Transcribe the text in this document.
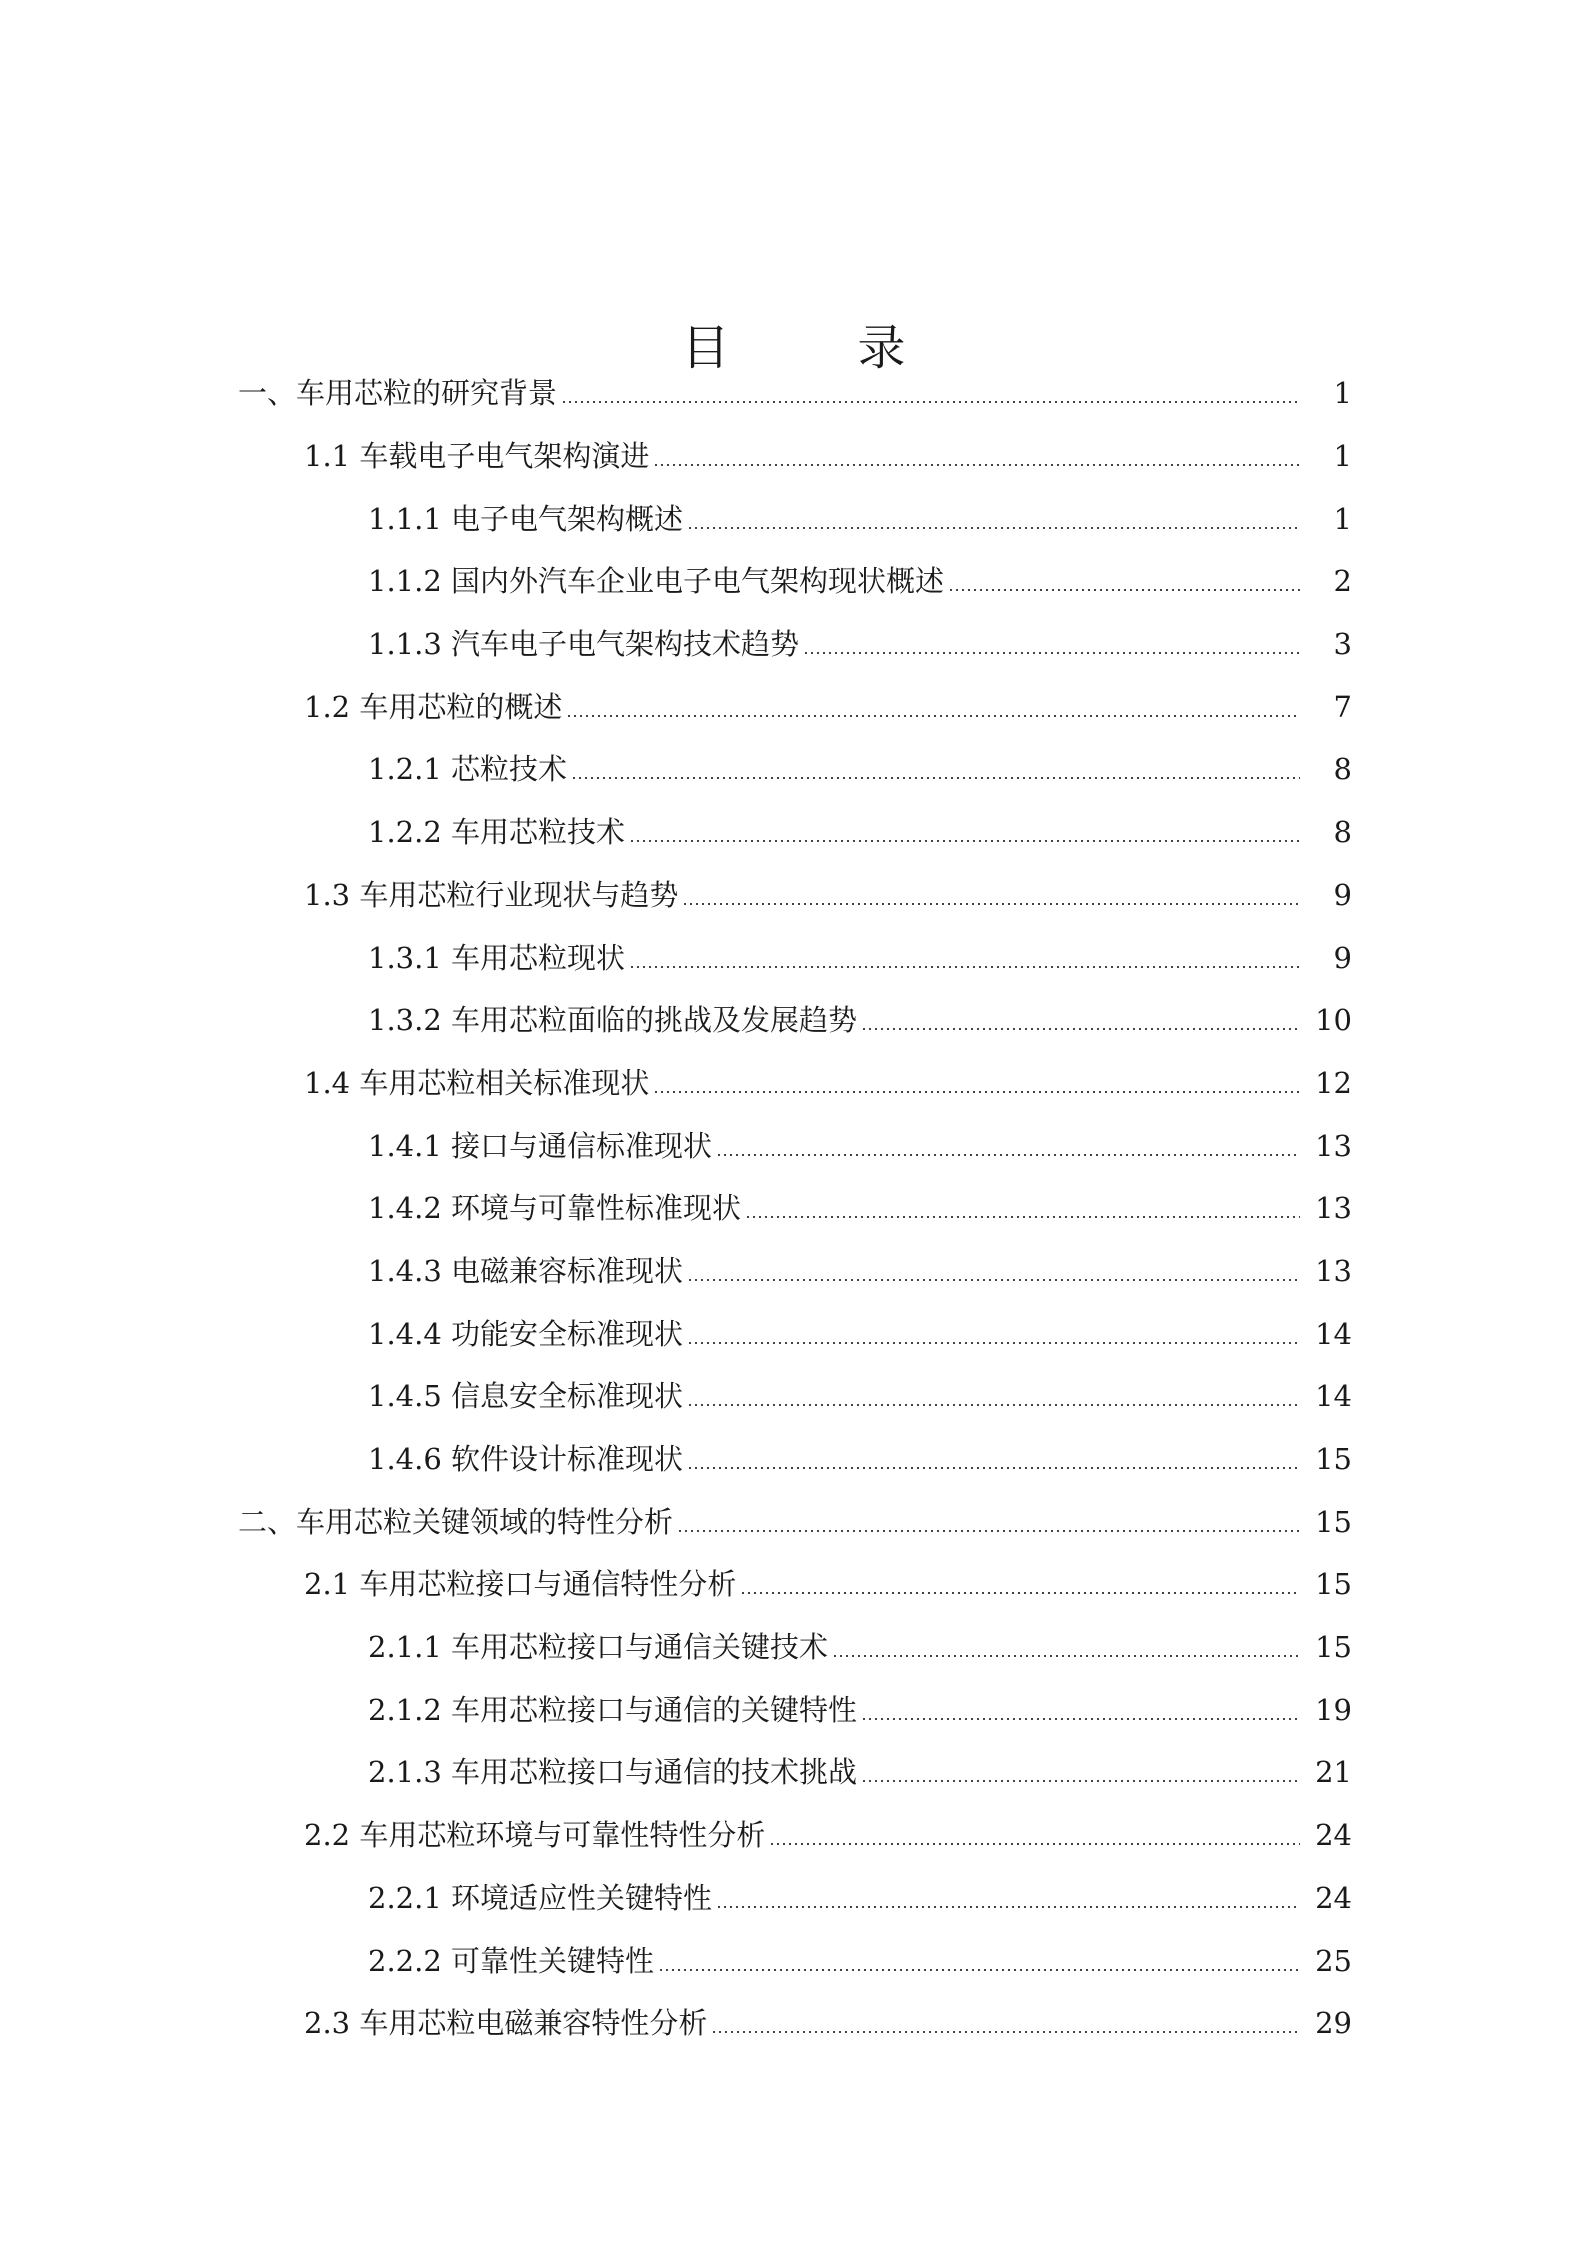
目　录
一、车用芯粒的研究背景	1
1.1 车载电子电气架构演进	1
1.1.1 电子电气架构概述	1
1.1.2 国内外汽车企业电子电气架构现状概述	2
1.1.3 汽车电子电气架构技术趋势	3
1.2 车用芯粒的概述	7
1.2.1 芯粒技术	8
1.2.2 车用芯粒技术	8
1.3 车用芯粒行业现状与趋势	9
1.3.1 车用芯粒现状	9
1.3.2 车用芯粒面临的挑战及发展趋势	10
1.4 车用芯粒相关标准现状	12
1.4.1 接口与通信标准现状	13
1.4.2 环境与可靠性标准现状	13
1.4.3 电磁兼容标准现状	13
1.4.4 功能安全标准现状	14
1.4.5 信息安全标准现状	14
1.4.6 软件设计标准现状	15
二、车用芯粒关键领域的特性分析	15
2.1 车用芯粒接口与通信特性分析	15
2.1.1 车用芯粒接口与通信关键技术	15
2.1.2 车用芯粒接口与通信的关键特性	19
2.1.3 车用芯粒接口与通信的技术挑战	21
2.2 车用芯粒环境与可靠性特性分析	24
2.2.1 环境适应性关键特性	24
2.2.2 可靠性关键特性	25
2.3 车用芯粒电磁兼容特性分析	29
